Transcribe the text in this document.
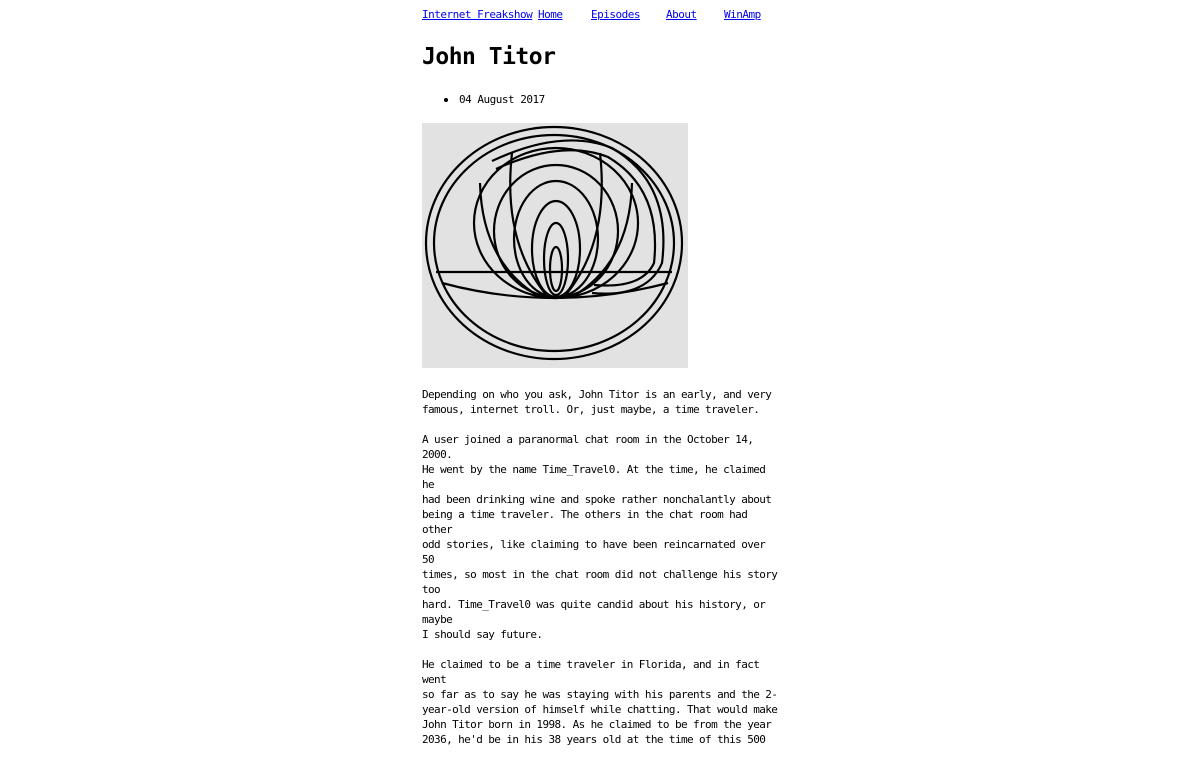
Internet Freakshow Home	Episodes About WinAmp
John Titor
04 August 2017

Depending on who you ask, John Titor is an early, and very
famous, internet troll. Or, just maybe, a time traveler.

A user joined a paranormal chat room in the October 14, 2000.
He went by the name Time_Travel0. At the time, he claimed he
had been drinking wine and spoke rather nonchalantly about
being a time traveler. The others in the chat room had other
odd stories, like claiming to have been reincarnated over 50
times, so most in the chat room did not challenge his story too
hard. Time_Travel0 was quite candid about his history, or maybe
I should say future.

He claimed to be a time traveler in Florida, and in fact went
so far as to say he was staying with his parents and the 2-
year-old version of himself while chatting. That would make
John Titor born in 1998. As he claimed to be from the year
2036, he'd be in his 38 years old at the time of this 500
